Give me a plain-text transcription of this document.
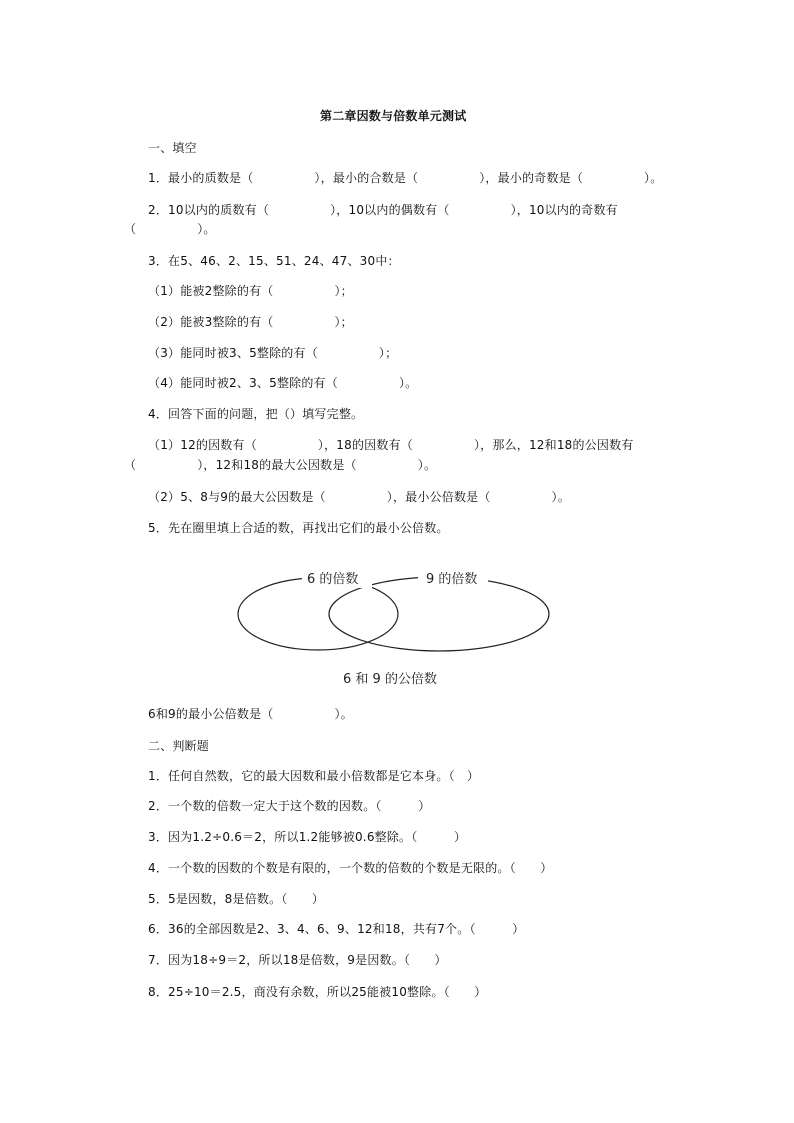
第二章因数与倍数单元测试
一、填空
1．最小的质数是（　　　　　），最小的合数是（　　　　　），最小的奇数是（　　　　　）。
2．10以内的质数有（　　　　　），10以内的偶数有（　　　　　），10以内的奇数有
（　　　　　）。
3．在5、46、2、15、51、24、47、30中：
（1）能被2整除的有（　　　　　）；
（2）能被3整除的有（　　　　　）；
（3）能同时被3、5整除的有（　　　　　）；
（4）能同时被2、3、5整除的有（　　　　　）。
4．回答下面的问题，把（）填写完整。
（1）12的因数有（　　　　　），18的因数有（　　　　　），那么，12和18的公因数有
（　　　　　），12和18的最大公因数是（　　　　　）。
（2）5、8与9的最大公因数是（　　　　　），最小公倍数是（　　　　　）。
5．先在圈里填上合适的数，再找出它们的最小公倍数。
6 的倍数	9 的倍数
6 和 9 的公倍数
6和9的最小公倍数是（　　　　　）。
二、判断题
1．任何自然数，它的最大因数和最小倍数都是它本身。（　）
2．一个数的倍数一定大于这个数的因数。（　　　）
3．因为1.2÷0.6＝2，所以1.2能够被0.6整除。（　　　）
4．一个数的因数的个数是有限的，一个数的倍数的个数是无限的。（　　）
5．5是因数，8是倍数。（　　）
6．36的全部因数是2、3、4、6、9、12和18，共有7个。（　　　）
7．因为18÷9＝2，所以18是倍数，9是因数。（　　）
8．25÷10＝2.5，商没有余数，所以25能被10整除。（　　）
